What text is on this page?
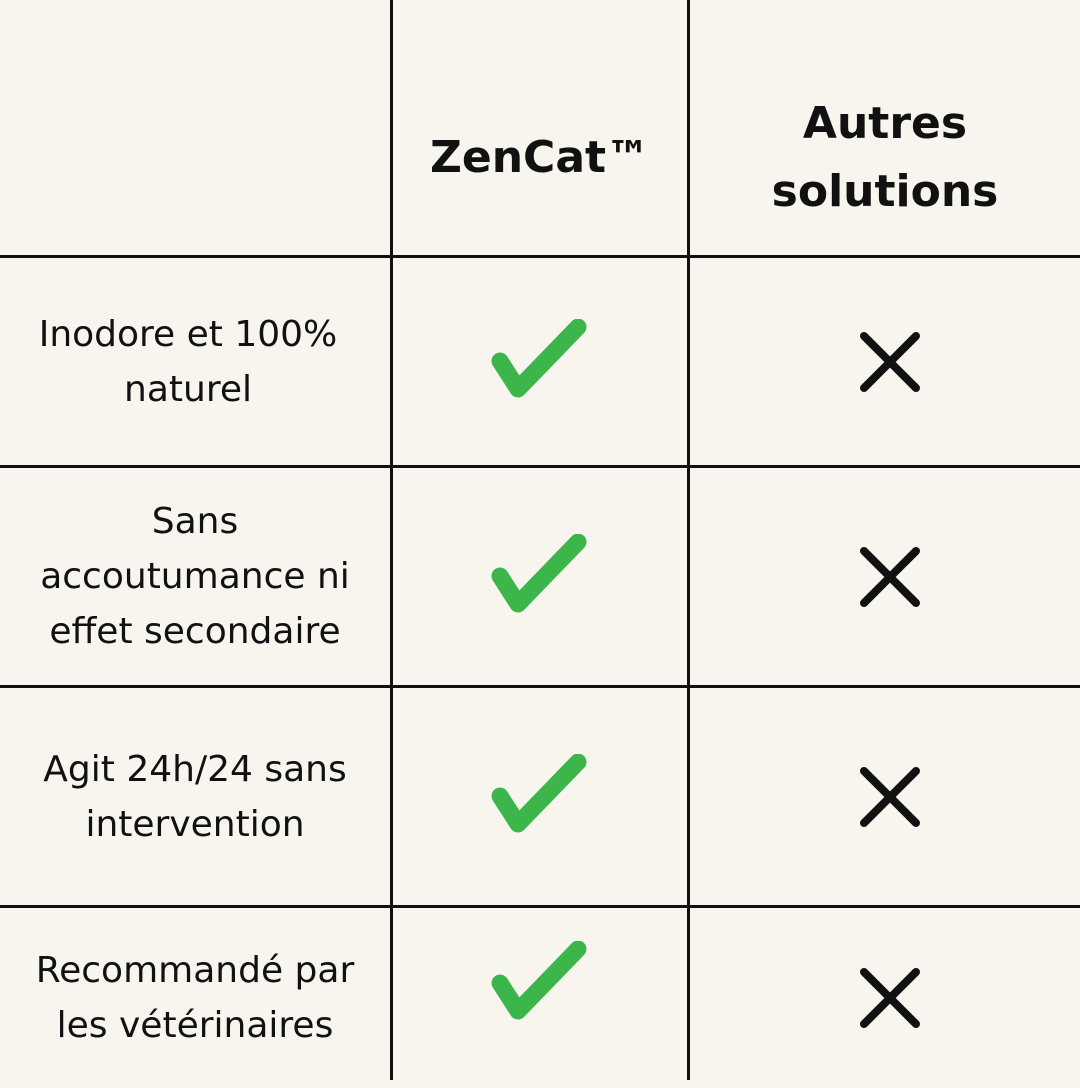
ZenCat™
Autres solutions
Inodore et 100% naturel
Sans accoutumance ni effet secondaire
Agit 24h/24 sans intervention
Recommandé par les vétérinaires
